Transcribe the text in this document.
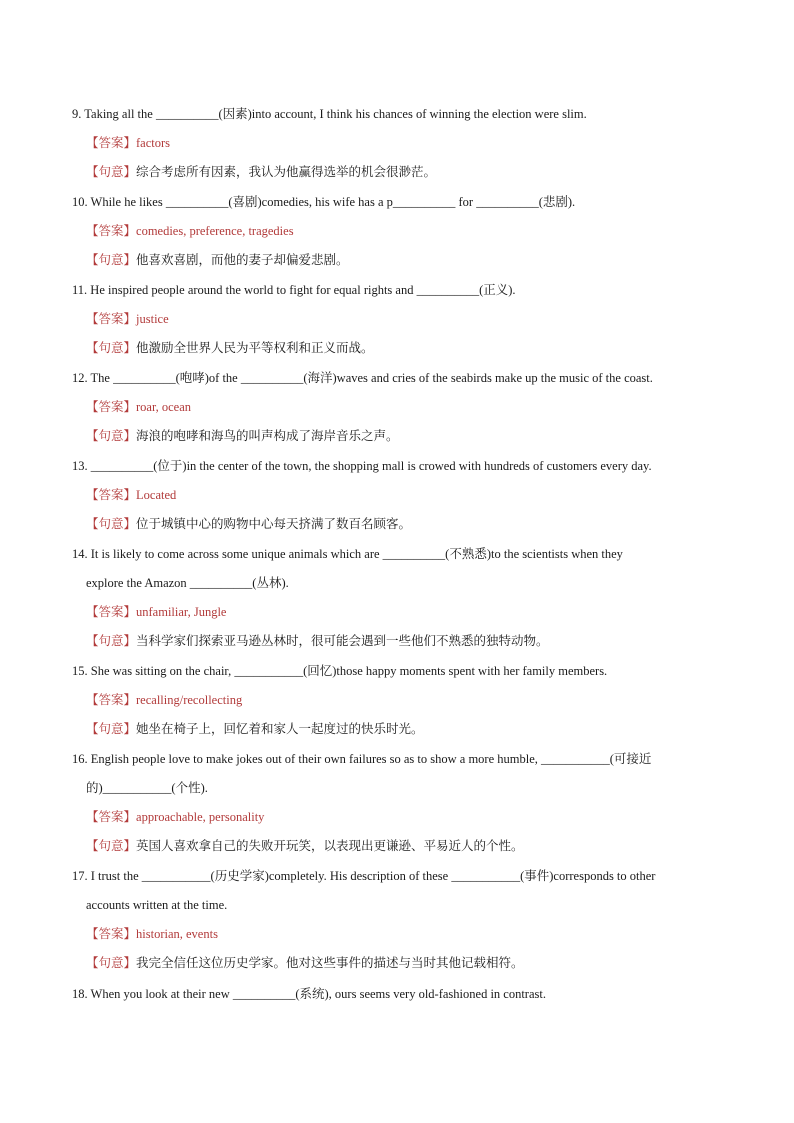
9. Taking all the __________(因素)into account, I think his chances of winning the election were slim.
【答案】factors
【句意】综合考虑所有因素，我认为他赢得选举的机会很渺茫。
10. While he likes __________(喜剧)comedies, his wife has a p__________ for __________(悲剧).
【答案】comedies, preference, tragedies
【句意】他喜欢喜剧，而他的妻子却偏爱悲剧。
11. He inspired people around the world to fight for equal rights and __________(正义).
【答案】justice
【句意】他激励全世界人民为平等权利和正义而战。
12. The __________(咆哮)of the __________(海洋)waves and cries of the seabirds make up the music of the coast.
【答案】roar, ocean
【句意】海浪的咆哮和海鸟的叫声构成了海岸音乐之声。
13. __________(位于)in the center of the town, the shopping mall is crowed with hundreds of customers every day.
【答案】Located
【句意】位于城镇中心的购物中心每天挤满了数百名顾客。
14. It is likely to come across some unique animals which are __________(不熟悉)to the scientists when they
explore the Amazon __________(丛林).
【答案】unfamiliar, Jungle
【句意】当科学家们探索亚马逊丛林时，很可能会遇到一些他们不熟悉的独特动物。
15. She was sitting on the chair, ___________(回忆)those happy moments spent with her family members.
【答案】recalling/recollecting
【句意】她坐在椅子上，回忆着和家人一起度过的快乐时光。
16. English people love to make jokes out of their own failures so as to show a more humble, ___________(可接近
的)___________(个性).
【答案】approachable, personality
【句意】英国人喜欢拿自己的失败开玩笑，以表现出更谦逊、平易近人的个性。
17. I trust the ___________(历史学家)completely. His description of these ___________(事件)corresponds to other
accounts written at the time.
【答案】historian, events
【句意】我完全信任这位历史学家。他对这些事件的描述与当时其他记载相符。
18. When you look at their new __________(系统), ours seems very old-fashioned in contrast.
